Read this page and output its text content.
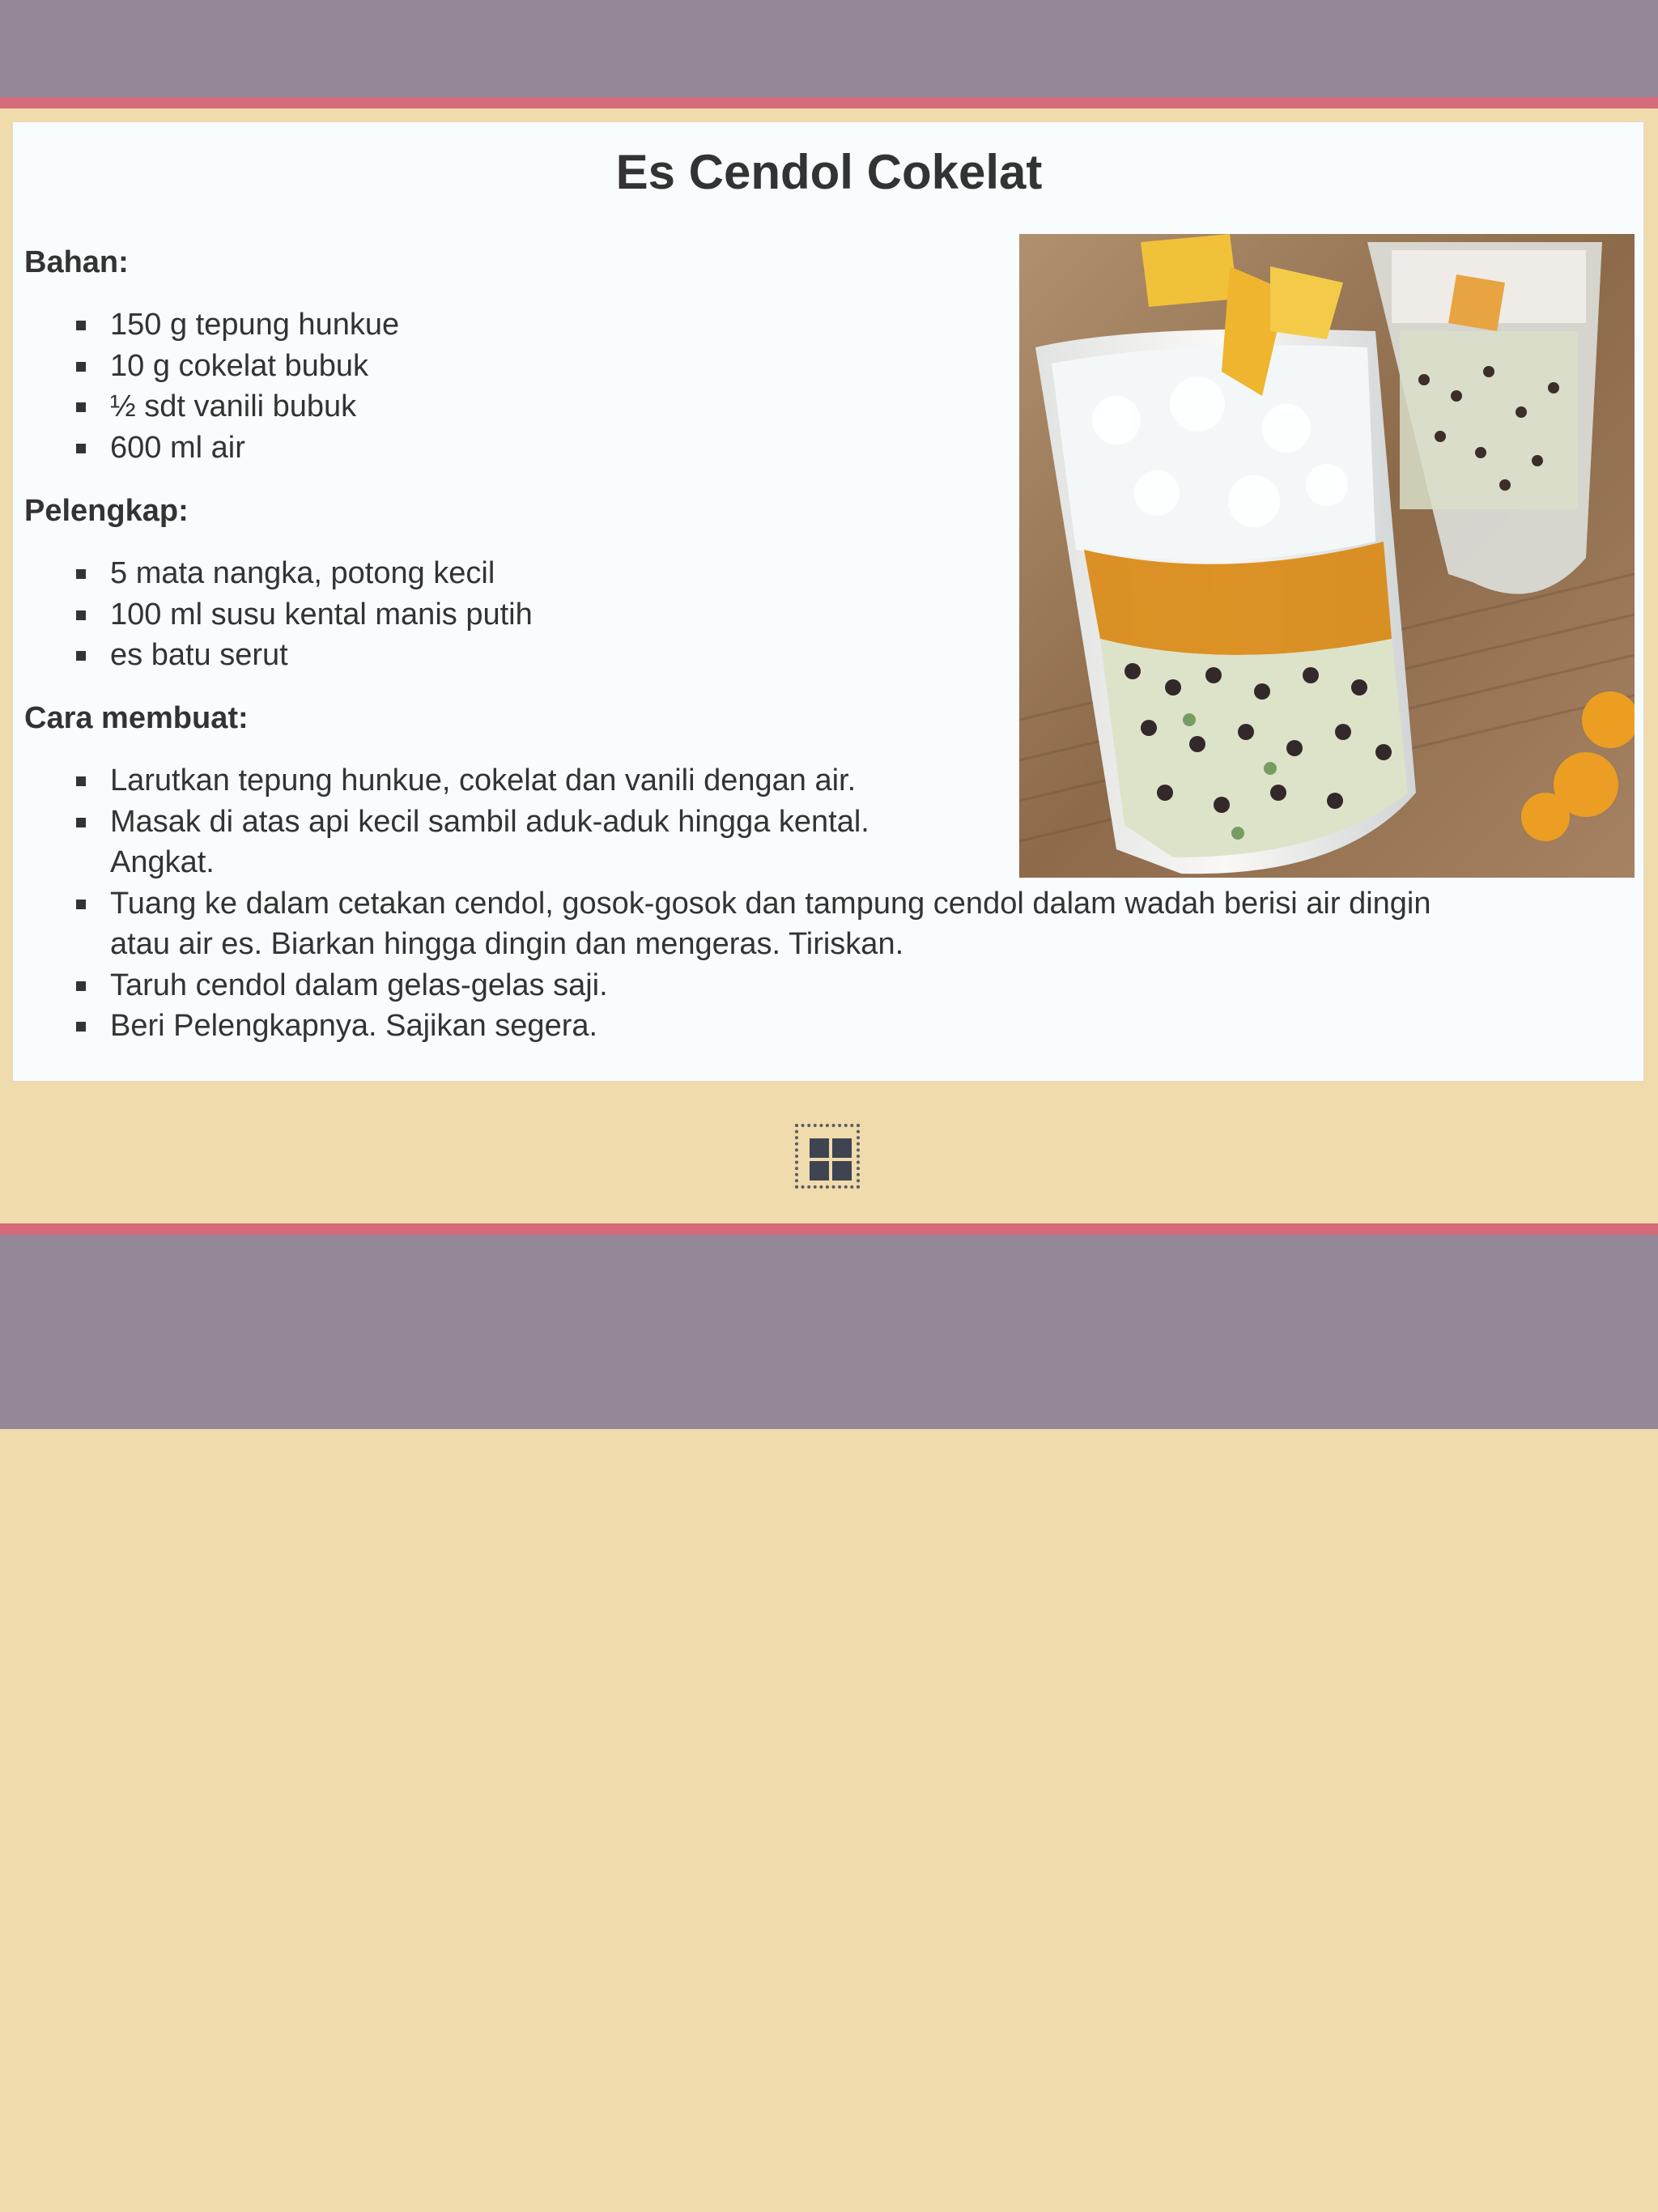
Es Cendol Cokelat
Bahan:
150 g tepung hunkue
10 g cokelat bubuk
½ sdt vanili bubuk
600 ml air
Pelengkap:
5 mata nangka, potong kecil
100 ml susu kental manis putih
es batu serut
Cara membuat:
Larutkan tepung hunkue, cokelat dan vanili dengan air.
Masak di atas api kecil sambil aduk-aduk hingga kental. Angkat.
Tuang ke dalam cetakan cendol, gosok-gosok dan tampung cendol dalam wadah berisi air dingin atau air es. Biarkan hingga dingin dan mengeras. Tiriskan.
Taruh cendol dalam gelas-gelas saji.
Beri Pelengkapnya. Sajikan segera.
